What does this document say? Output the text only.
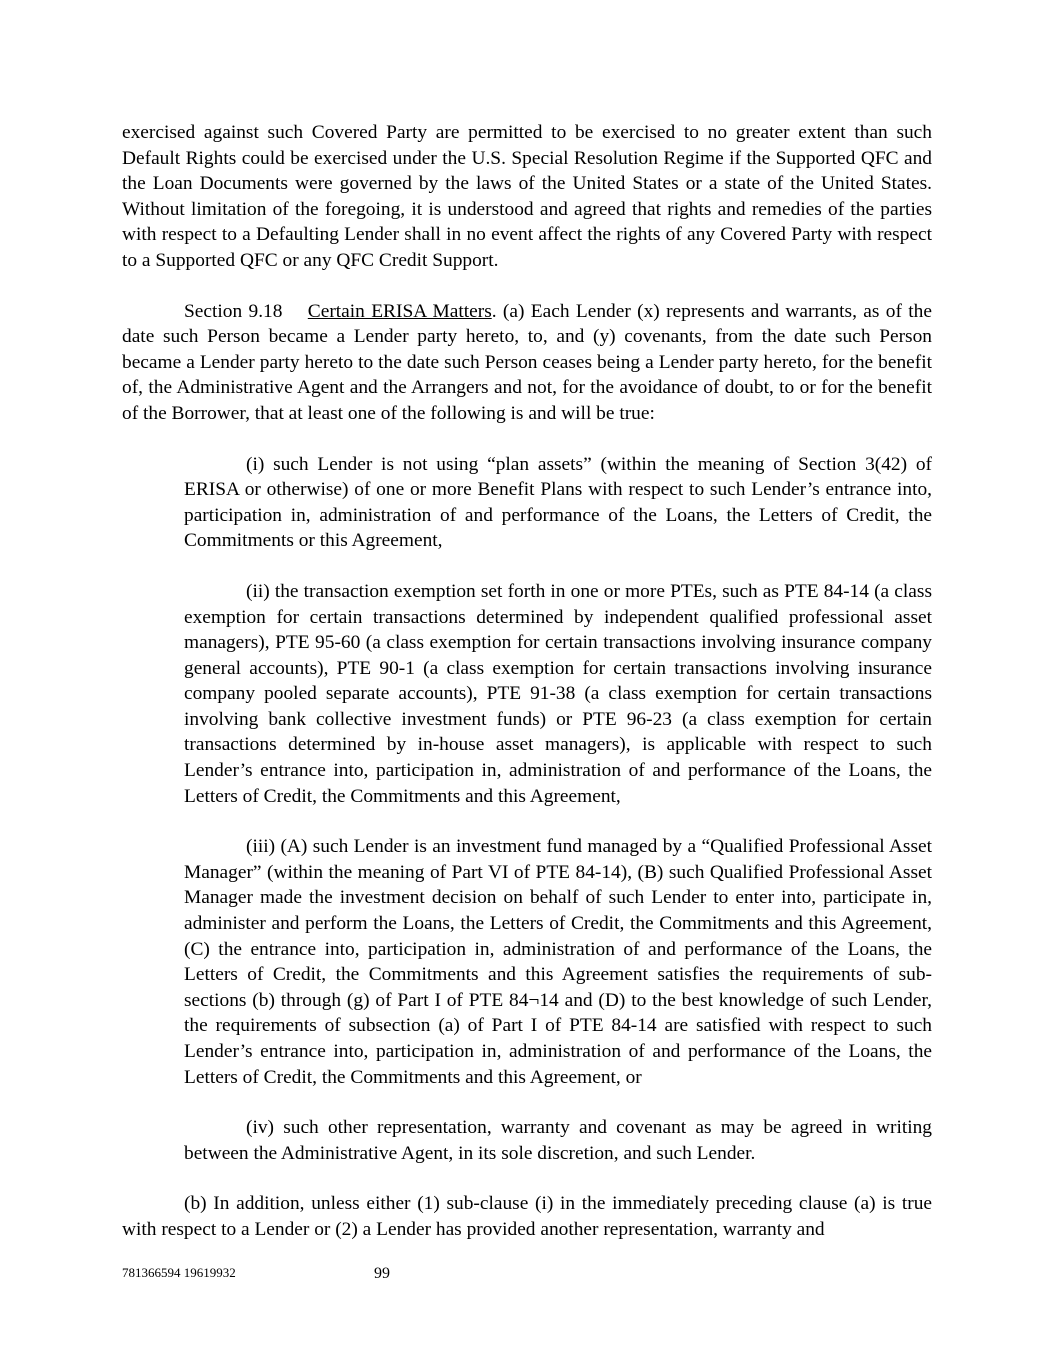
exercised against such Covered Party are permitted to be exercised to no greater extent than such Default Rights could be exercised under the U.S. Special Resolution Regime if the Supported QFC and the Loan Documents were governed by the laws of the United States or a state of the United States. Without limitation of the foregoing, it is understood and agreed that rights and remedies of the parties with respect to a Defaulting Lender shall in no event affect the rights of any Covered Party with respect to a Supported QFC or any QFC Credit Support.

Section 9.18 Certain ERISA Matters. (a) Each Lender (x) represents and warrants, as of the date such Person became a Lender party hereto, to, and (y) covenants, from the date such Person became a Lender party hereto to the date such Person ceases being a Lender party hereto, for the benefit of, the Administrative Agent and the Arrangers and not, for the avoidance of doubt, to or for the benefit of the Borrower, that at least one of the following is and will be true:

(i) such Lender is not using “plan assets” (within the meaning of Section 3(42) of ERISA or otherwise) of one or more Benefit Plans with respect to such Lender’s entrance into, participation in, administration of and performance of the Loans, the Letters of Credit, the Commitments or this Agreement,

(ii) the transaction exemption set forth in one or more PTEs, such as PTE 84-14 (a class exemption for certain transactions determined by independent qualified professional asset managers), PTE 95-60 (a class exemption for certain transactions involving insurance company general accounts), PTE 90-1 (a class exemption for certain transactions involving insurance company pooled separate accounts), PTE 91-38 (a class exemption for certain transactions involving bank collective investment funds) or PTE 96-23 (a class exemption for certain transactions determined by in-house asset managers), is applicable with respect to such Lender’s entrance into, participation in, administration of and performance of the Loans, the Letters of Credit, the Commitments and this Agreement,

(iii) (A) such Lender is an investment fund managed by a “Qualified Professional Asset Manager” (within the meaning of Part VI of PTE 84-14), (B) such Qualified Professional Asset Manager made the investment decision on behalf of such Lender to enter into, participate in, administer and perform the Loans, the Letters of Credit, the Commitments and this Agreement, (C) the entrance into, participation in, administration of and performance of the Loans, the Letters of Credit, the Commitments and this Agreement satisfies the requirements of sub-sections (b) through (g) of Part I of PTE 84¬14 and (D) to the best knowledge of such Lender, the requirements of subsection (a) of Part I of PTE 84-14 are satisfied with respect to such Lender’s entrance into, participation in, administration of and performance of the Loans, the Letters of Credit, the Commitments and this Agreement, or

(iv) such other representation, warranty and covenant as may be agreed in writing between the Administrative Agent, in its sole discretion, and such Lender.

(b) In addition, unless either (1) sub-clause (i) in the immediately preceding clause (a) is true with respect to a Lender or (2) a Lender has provided another representation, warranty and

781366594 19619932	99
